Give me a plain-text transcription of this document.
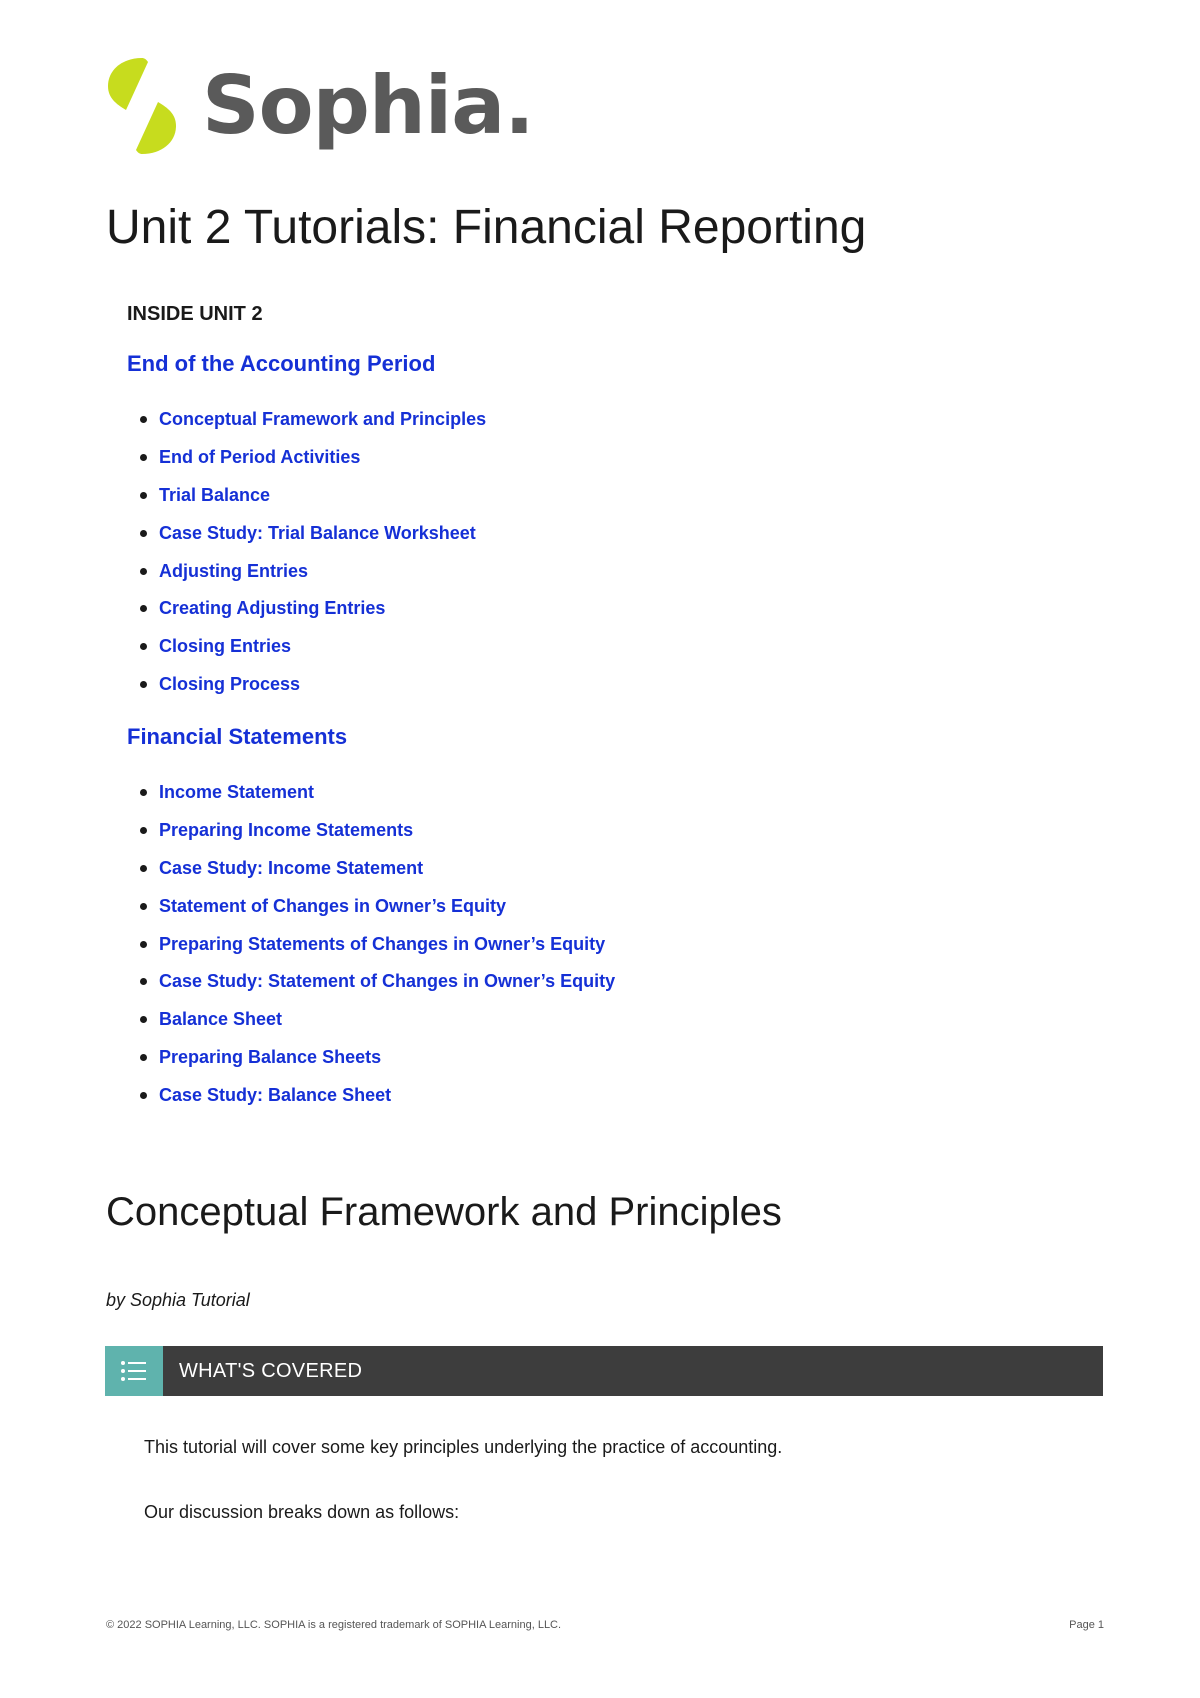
Sophia.
Unit 2 Tutorials: Financial Reporting

INSIDE UNIT 2

End of the Accounting Period

Conceptual Framework and Principles
End of Period Activities
Trial Balance
Case Study: Trial Balance Worksheet
Adjusting Entries
Creating Adjusting Entries
Closing Entries
Closing Process

Financial Statements

Income Statement
Preparing Income Statements
Case Study: Income Statement
Statement of Changes in Owner’s Equity
Preparing Statements of Changes in Owner’s Equity
Case Study: Statement of Changes in Owner’s Equity
Balance Sheet
Preparing Balance Sheets
Case Study: Balance Sheet
Conceptual Framework and Principles

by Sophia Tutorial

WHAT'S COVERED

This tutorial will cover some key principles underlying the practice of accounting.

Our discussion breaks down as follows:

© 2022 SOPHIA Learning, LLC. SOPHIA is a registered trademark of SOPHIA Learning, LLC.	Page 1
